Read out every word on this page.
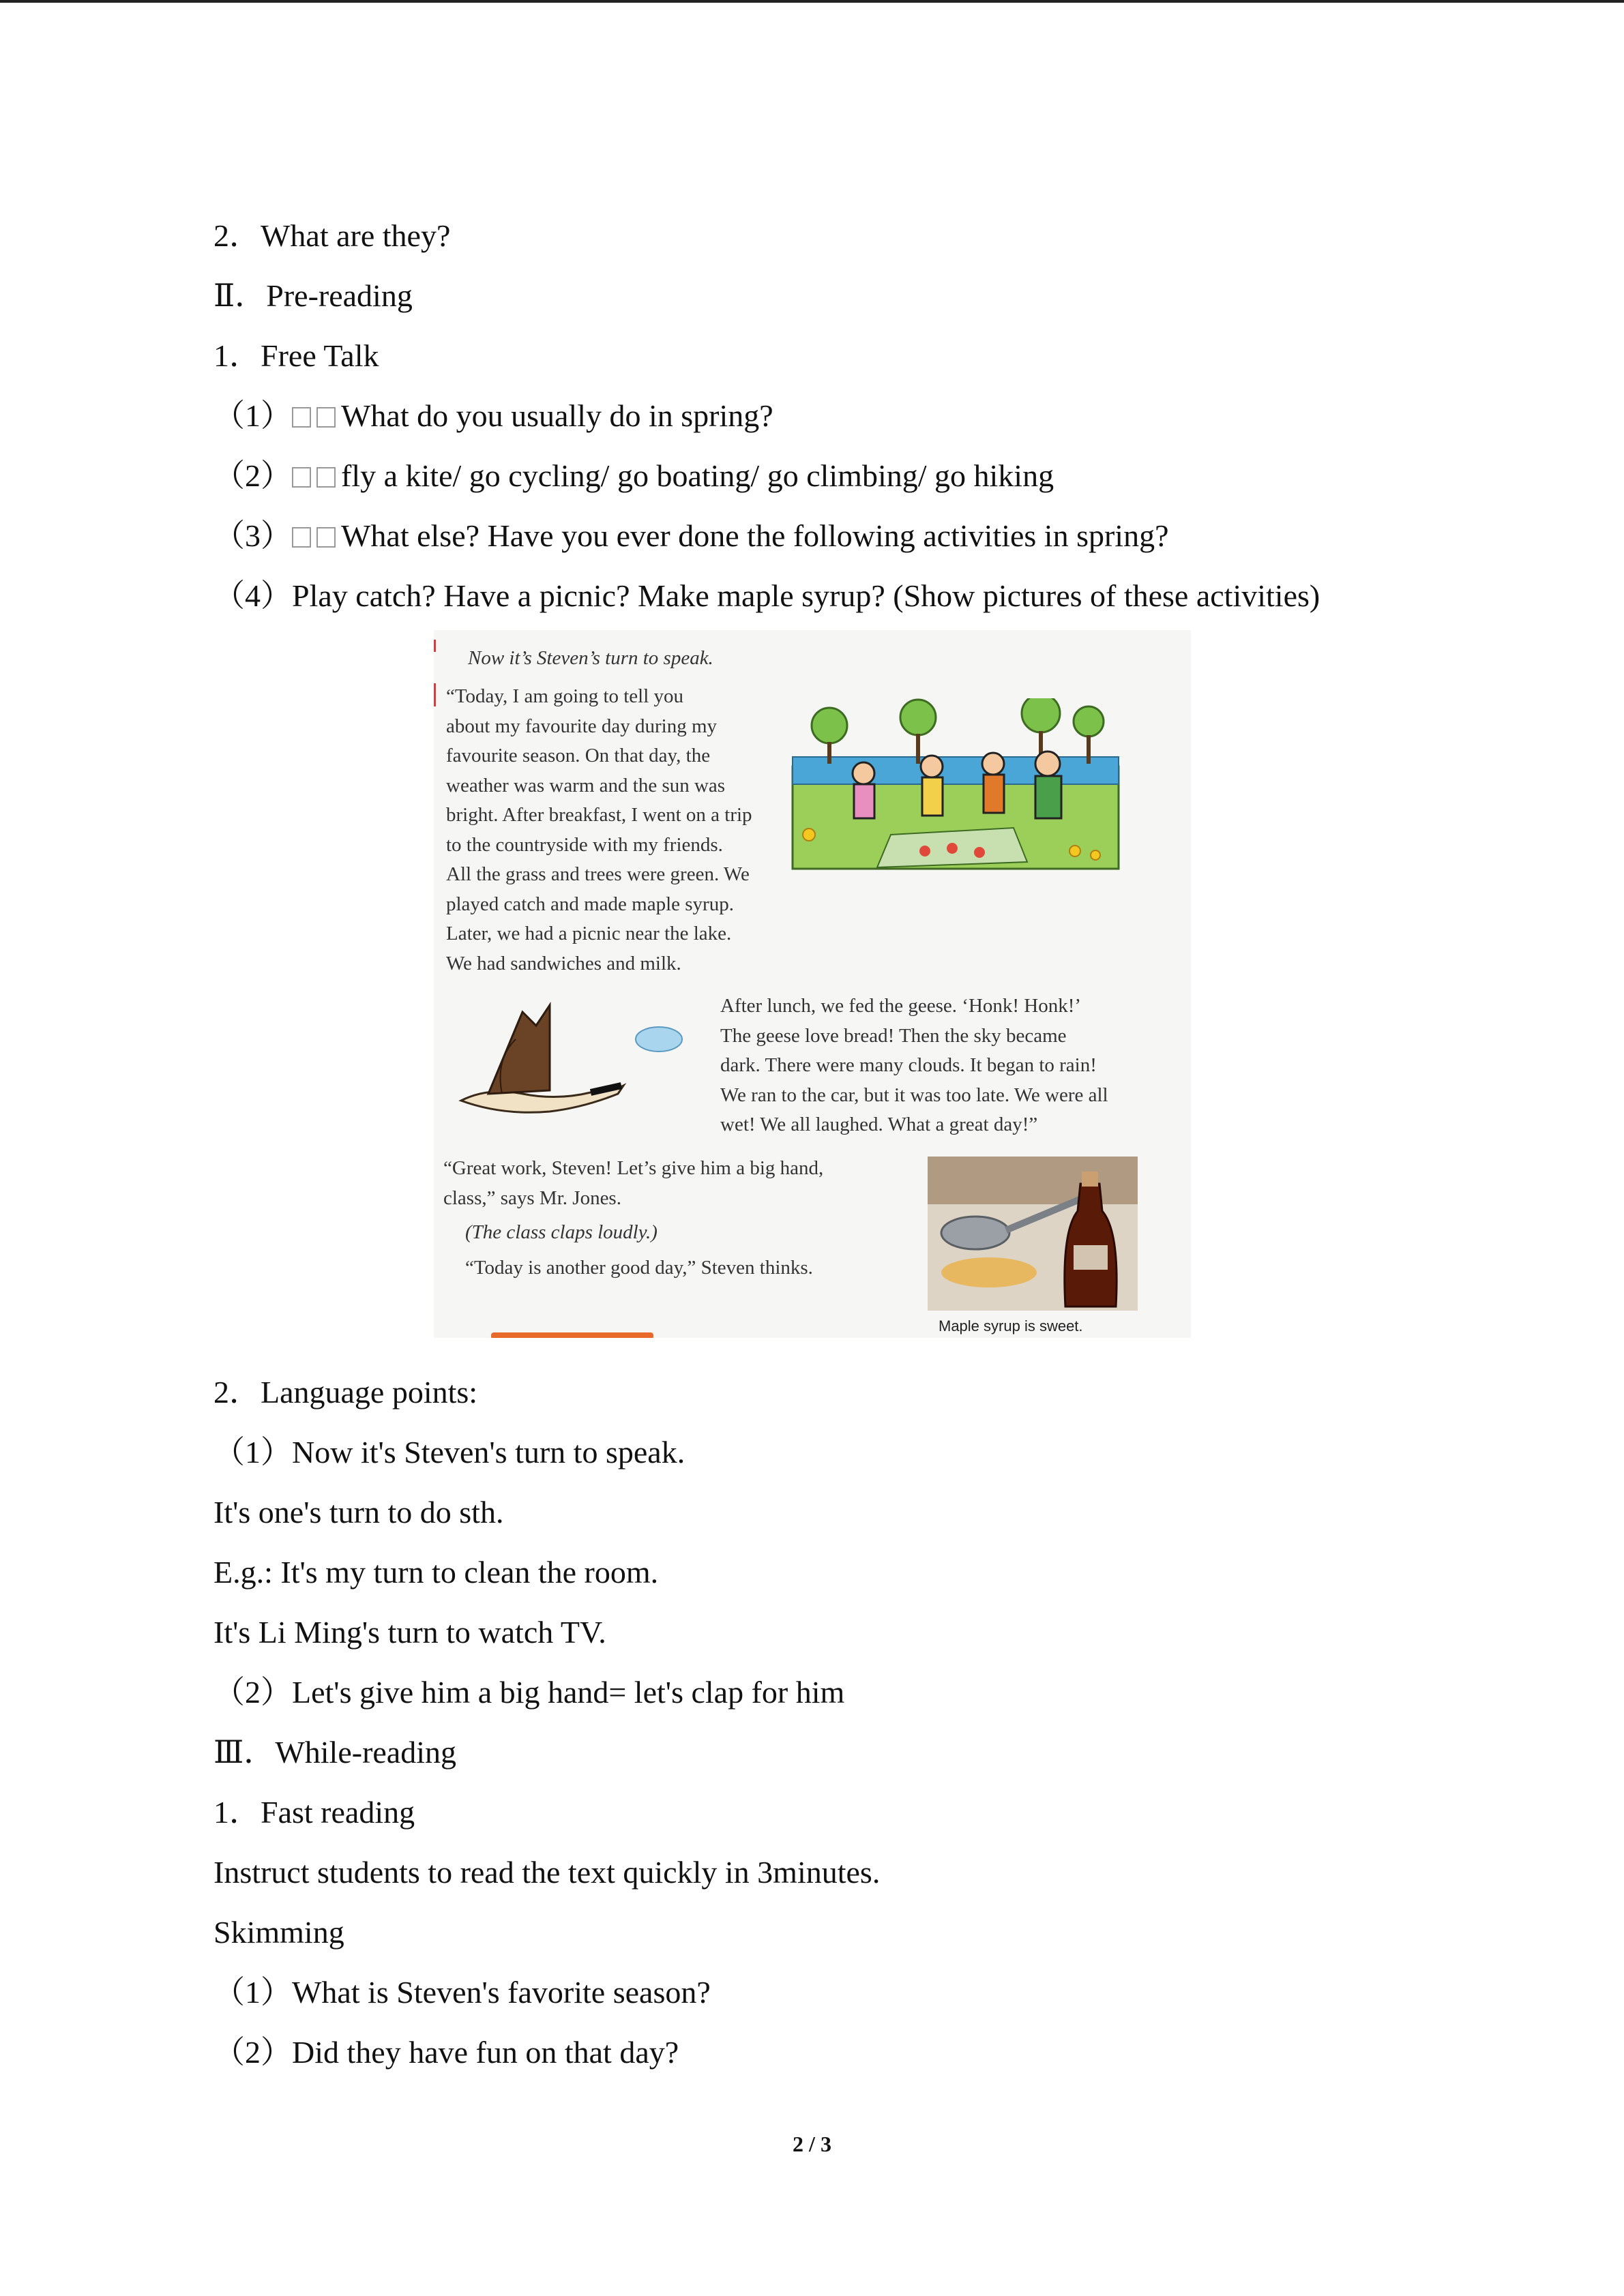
2．What are they?
Ⅱ．Pre-reading
1．Free Talk
（1） What do you usually do in spring?
（2） fly a kite/ go cycling/ go boating/ go climbing/ go hiking
（3） What else? Have you ever done the following activities in spring?
（4）Play catch? Have a picnic? Make maple syrup? (Show pictures of these activities)
Now it’s Steven’s turn to speak.
“Today, I am going to tell you
about my favourite day during my
favourite season. On that day, the
weather was warm and the sun was
bright. After breakfast, I went on a trip
to the countryside with my friends.
All the grass and trees were green. We
played catch and made maple syrup.
Later, we had a picnic near the lake.
We had sandwiches and milk.
After lunch, we fed the geese. ‘Honk! Honk!’
The geese love bread! Then the sky became
dark. There were many clouds. It began to rain!
We ran to the car, but it was too late. We were all
wet! We all laughed. What a great day!”
“Great work, Steven! Let’s give him a big hand,
class,” says Mr. Jones.
(The class claps loudly.)
“Today is another good day,” Steven thinks.
Maple syrup is sweet.
2．Language points:
（1）Now it's Steven's turn to speak.
It's one's turn to do sth.
E.g.: It's my turn to clean the room.
It's Li Ming's turn to watch TV.
（2）Let's give him a big hand= let's clap for him
Ⅲ．While-reading
1．Fast reading
Instruct students to read the text quickly in 3minutes.
Skimming
（1）What is Steven's favorite season?
（2）Did they have fun on that day?
2 / 3
